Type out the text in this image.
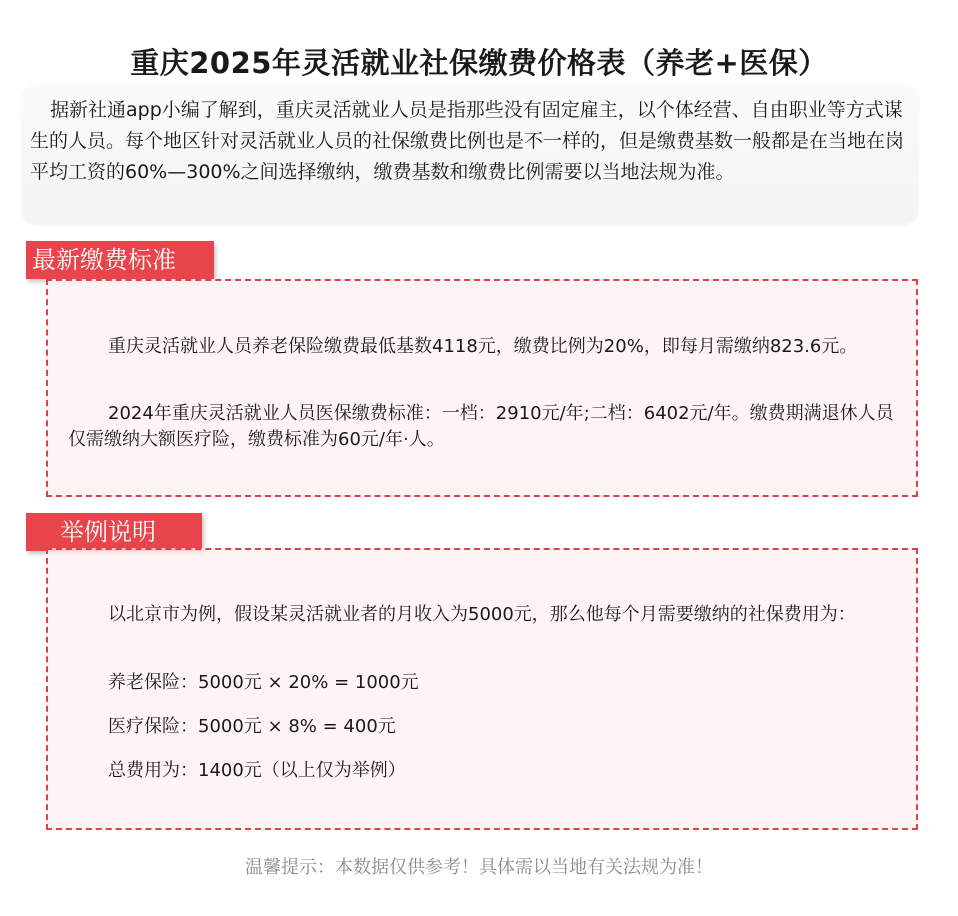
重庆2025年灵活就业社保缴费价格表（养老+医保）

据新社通app小编了解到，重庆灵活就业人员是指那些没有固定雇主，以个体经营、自由职业等方式谋生的人员。每个地区针对灵活就业人员的社保缴费比例也是不一样的，但是缴费基数一般都是在当地在岗平均工资的60%—300%之间选择缴纳，缴费基数和缴费比例需要以当地法规为准。

最新缴费标准

重庆灵活就业人员养老保险缴费最低基数4118元，缴费比例为20%，即每月需缴纳823.6元。

2024年重庆灵活就业人员医保缴费标准：一档：2910元/年;二档：6402元/年。缴费期满退休人员仅需缴纳大额医疗险，缴费标准为60元/年·人。

举例说明

以北京市为例，假设某灵活就业者的月收入为5000元，那么他每个月需要缴纳的社保费用为：

养老保险：5000元 × 20% = 1000元

医疗保险：5000元 × 8% = 400元

总费用为：1400元（以上仅为举例）

温馨提示：本数据仅供参考！具体需以当地有关法规为准！
